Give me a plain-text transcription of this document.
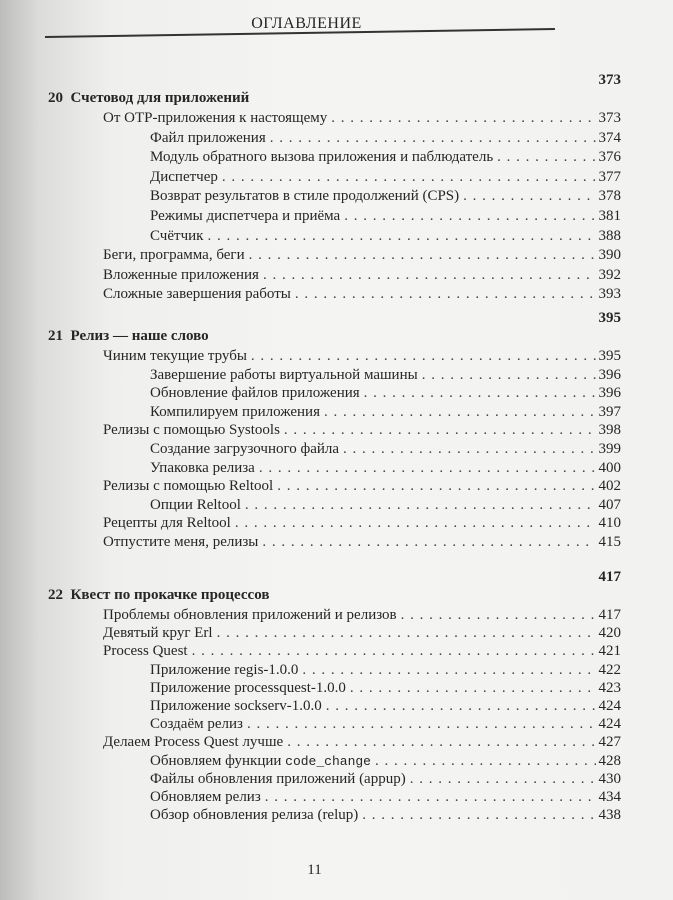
ОГЛАВЛЕНИЕ
373
20 Счетовод для приложений
От OTP-приложения к настоящему . . .	373
Файл приложения . . .	374
Модуль обратного вызова приложения и паблюдатель . . .	376
Диспетчер . . .	377
Возврат результатов в стиле продолжений (CPS) . . .	378
Режимы диспетчера и приёма . . .	381
Счётчик . . .	388
Беги, программа, беги . . .	390
Вложенные приложения . . .	392
Сложные завершения работы . . .	393
395
21 Релиз — наше слово
Чиним текущие трубы . . .	395
Завершение работы виртуальной машины . . .	396
Обновление файлов приложения . . .	396
Компилируем приложения . . .	397
Релизы с помощью Systools . . .	398
Создание загрузочного файла . . .	399
Упаковка релиза . . .	400
Релизы с помощью Reltool . . .	402
Опции Reltool . . .	407
Рецепты для Reltool . . .	410
Отпустите меня, релизы . . .	415
417
22 Квест по прокачке процессов
Проблемы обновления приложений и релизов . . .	417
Девятый круг Erl . . .	420
Process Quest . . .	421
Приложение regis-1.0.0 . . .	422
Приложение processquest-1.0.0 . . .	423
Приложение sockserv-1.0.0 . . .	424
Создаём релиз . . .	424
Делаем Process Quest лучше . . .	427
Обновляем функции code_change . . .	428
Файлы обновления приложений (appup) . . .	430
Обновляем релиз . . .	434
Обзор обновления релиза (relup) . . .	438
11
